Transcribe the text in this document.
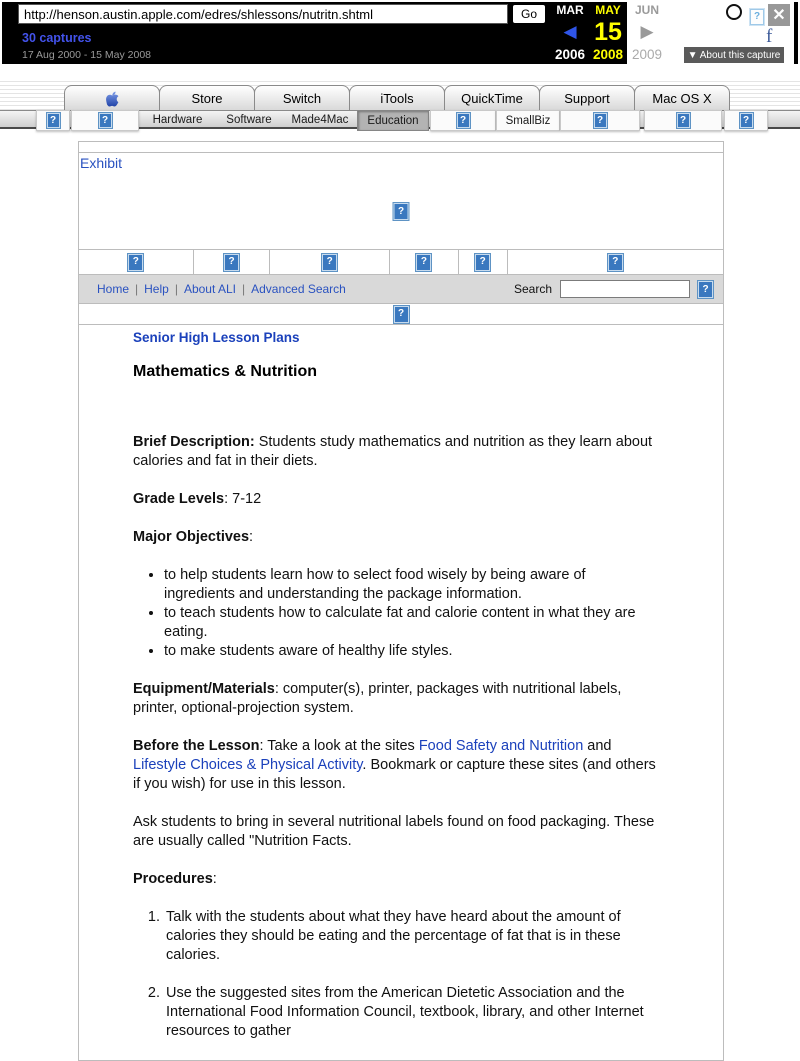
http://henson.austin.apple.com/edres/shlessons/nutritn.shtml
Go
30 captures
17 Aug 2000 - 15 May 2008
MAR MAY	JUN
◀ 15	▶
2006 2008 2009
? ✕
f
▼ About this capture
Store	Switch	iTools	QuickTime	Support	Mac OS X
?	?	Hardware	Software	Made4Mac	Education	?	SmallBiz	?	?	?
Exhibit
?
?	?	?	?	?	?
Home | Help | About ALI | Advanced Search	Search	?
?
Senior High Lesson Plans
Mathematics & Nutrition

Brief Description: Students study mathematics and nutrition as they learn about calories and fat in their diets.

Grade Levels: 7-12

Major Objectives:

• to help students learn how to select food wisely by being aware of ingredients and understanding the package information.
• to teach students how to calculate fat and calorie content in what they are eating.
• to make students aware of healthy life styles.

Equipment/Materials: computer(s), printer, packages with nutritional labels, printer, optional-projection system.

Before the Lesson: Take a look at the sites Food Safety and Nutrition and Lifestyle Choices & Physical Activity. Bookmark or capture these sites (and others if you wish) for use in this lesson.

Ask students to bring in several nutritional labels found on food packaging. These are usually called "Nutrition Facts.

Procedures:

1. Talk with the students about what they have heard about the amount of calories they should be eating and the percentage of fat that is in these calories.
2. Use the suggested sites from the American Dietetic Association and the International Food Information Council, textbook, library, and other Internet resources to gather
